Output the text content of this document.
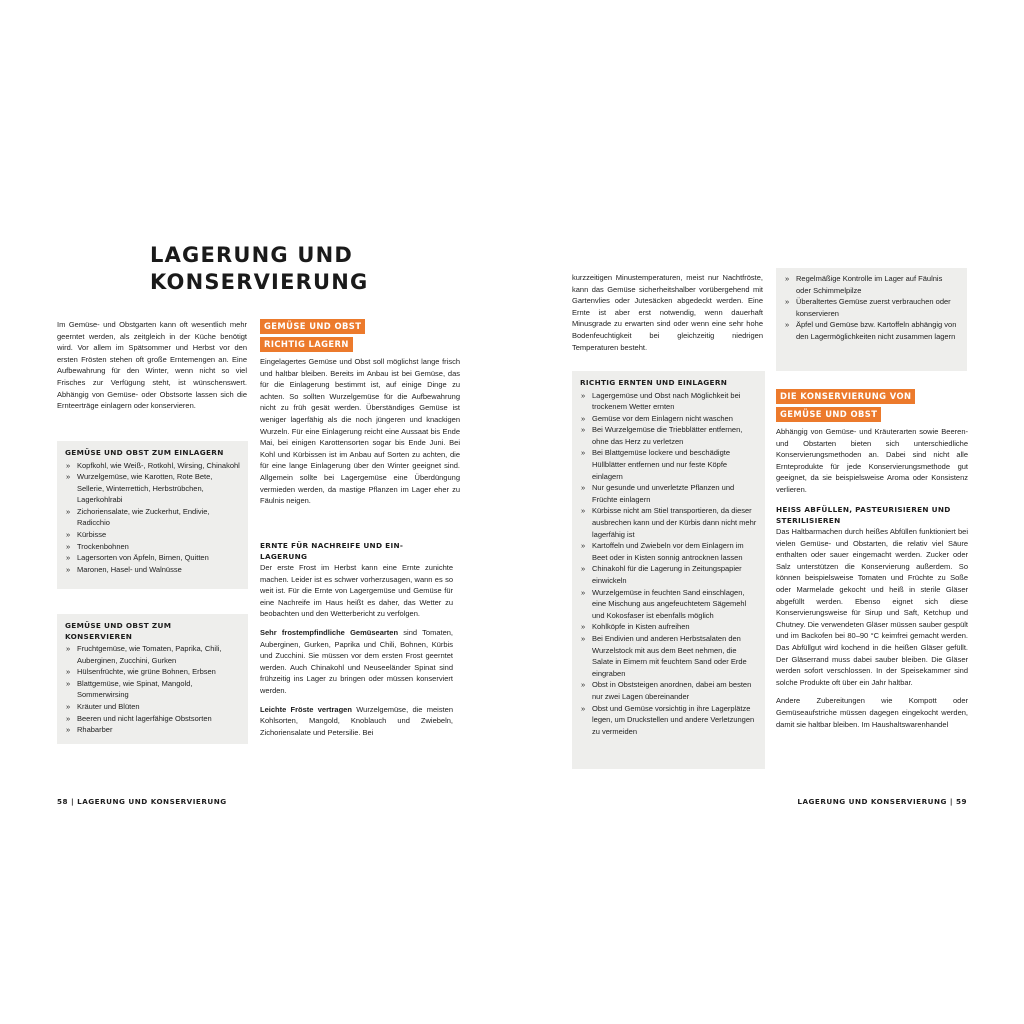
LAGERUNG UND
KONSERVIERUNG

Im Gemüse- und Obstgarten kann oft wesentlich mehr geerntet werden, als zeitgleich in der Küche benötigt wird. Vor allem im Spätsommer und Herbst vor den ersten Frösten stehen oft große Erntemengen an. Eine Aufbewahrung für den Winter, wenn nicht so viel Frisches zur Verfügung steht, ist wünschenswert. Abhängig von Gemüse- oder Obstsorte lassen sich die Ernteerträge einlagern oder konservieren.

GEMÜSE UND OBST ZUM EINLAGERN
» Kopfkohl, wie Weiß-, Rotkohl, Wirsing, Chinakohl
» Wurzelgemüse, wie Karotten, Rote Bete, Sellerie, Winterrettich, Herbstrübchen, Lagerkohlrabi
» Zichoriensalate, wie Zuckerhut, Endivie, Radicchio
» Kürbisse
» Trockenbohnen
» Lagersorten von Äpfeln, Birnen, Quitten
» Maronen, Hasel- und Walnüsse
GEMÜSE UND OBST ZUM
KONSERVIEREN
» Fruchtgemüse, wie Tomaten, Paprika, Chili, Auberginen, Zucchini, Gurken
» Hülsenfrüchte, wie grüne Bohnen, Erbsen
» Blattgemüse, wie Spinat, Mangold, Sommerwirsing
» Kräuter und Blüten
» Beeren und nicht lagerfähige Obstsorten
» Rhabarber
GEMÜSE UND OBST
RICHTIG LAGERN

Eingelagertes Gemüse und Obst soll möglichst lange frisch und haltbar bleiben. Bereits im Anbau ist bei Gemüse, das für die Einlagerung bestimmt ist, auf einige Dinge zu achten. So sollten Wurzelgemüse für die Aufbewahrung nicht zu früh gesät werden. Überständiges Gemüse ist weniger lagerfähig als die noch jüngeren und knackigen Wurzeln. Für eine Einlagerung reicht eine Aussaat bis Ende Mai, bei einigen Karottensorten sogar bis Ende Juni. Bei Kohl und Kürbissen ist im Anbau auf Sorten zu achten, die für eine lange Einlagerung über den Winter geeignet sind. Allgemein sollte bei Lagergemüse eine Überdüngung vermieden werden, da mastige Pflanzen im Lager eher zu Fäulnis neigen.

ERNTE FÜR NACHREIFE UND EIN-
LAGERUNG

Der erste Frost im Herbst kann eine Ernte zunichte machen. Leider ist es schwer vorherzusagen, wann es so weit ist. Für die Ernte von Lagergemüse und Gemüse für eine Nachreife im Haus heißt es daher, das Wetter zu beobachten und den Wetterbericht zu verfolgen.

Sehr frostempfindliche Gemüsearten sind Tomaten, Auberginen, Gurken, Paprika und Chili, Bohnen, Kürbis und Zucchini. Sie müssen vor dem ersten Frost geerntet werden. Auch Chinakohl und Neuseeländer Spinat sind frühzeitig ins Lager zu bringen oder müssen konserviert werden.

Leichte Fröste vertragen Wurzelgemüse, die meisten Kohlsorten, Mangold, Knoblauch und Zwiebeln, Zichoriensalate und Petersilie. Bei

58 | LAGERUNG UND KONSERVIERUNG

kurzzeitigen Minustemperaturen, meist nur Nachtfröste, kann das Gemüse sicherheitshalber vorübergehend mit Gartenvlies oder Jutesäcken abgedeckt werden. Eine Ernte ist aber erst notwendig, wenn dauerhaft Minusgrade zu erwarten sind oder wenn eine sehr hohe Bodenfeuchtigkeit bei gleichzeitig niedrigen Temperaturen besteht.

RICHTIG ERNTEN UND EINLAGERN
» Lagergemüse und Obst nach Möglichkeit bei trockenem Wetter ernten
» Gemüse vor dem Einlagern nicht waschen
» Bei Wurzelgemüse die Triebblätter entfernen, ohne das Herz zu verletzen
» Bei Blattgemüse lockere und beschädigte Hüllblätter entfernen und nur feste Köpfe einlagern
» Nur gesunde und unverletzte Pflanzen und Früchte einlagern
» Kürbisse nicht am Stiel transportieren, da dieser ausbrechen kann und der Kürbis dann nicht mehr lagerfähig ist
» Kartoffeln und Zwiebeln vor dem Einlagern im Beet oder in Kisten sonnig antrocknen lassen
» Chinakohl für die Lagerung in Zeitungspapier einwickeln
» Wurzelgemüse in feuchten Sand einschlagen, eine Mischung aus angefeuchtetem Sägemehl und Kokosfaser ist ebenfalls möglich
» Kohlköpfe in Kisten aufreihen
» Bei Endivien und anderen Herbstsalaten den Wurzelstock mit aus dem Beet nehmen, die Salate in Eimern mit feuchtem Sand oder Erde eingraben
» Obst in Obststeigen anordnen, dabei am besten nur zwei Lagen übereinander
» Obst und Gemüse vorsichtig in ihre Lagerplätze legen, um Druckstellen und andere Verletzungen zu vermeiden
» Regelmäßige Kontrolle im Lager auf Fäulnis oder Schimmelpilze
» Überaltertes Gemüse zuerst verbrauchen oder konservieren
» Äpfel und Gemüse bzw. Kartoffeln abhängig von den Lagermöglichkeiten nicht zusammen lagern
DIE KONSERVIERUNG VON
GEMÜSE UND OBST

Abhängig von Gemüse- und Kräuterarten sowie Beeren- und Obstarten bieten sich unterschiedliche Konservierungsmethoden an. Dabei sind nicht alle Ernteprodukte für jede Konservierungsmethode gut geeignet, da sie beispielsweise Aroma oder Konsistenz verlieren.

HEISS ABFÜLLEN, PASTEURISIEREN UND
STERILISIEREN

Das Haltbarmachen durch heißes Abfüllen funktioniert bei vielen Gemüse- und Obstarten, die relativ viel Säure enthalten oder sauer eingemacht werden. Zucker oder Salz unterstützen die Konservierung außerdem. So können beispielsweise Tomaten und Früchte zu Soße oder Marmelade gekocht und heiß in sterile Gläser abgefüllt werden. Ebenso eignet sich diese Konservierungsweise für Sirup und Saft, Ketchup und Chutney. Die verwendeten Gläser müssen sauber gespült und im Backofen bei 80–90 °C keimfrei gemacht werden. Das Abfüllgut wird kochend in die heißen Gläser gefüllt. Der Gläserrand muss dabei sauber bleiben. Die Gläser werden sofort verschlossen. In der Speisekammer sind solche Produkte oft über ein Jahr haltbar.

Andere Zubereitungen wie Kompott oder Gemüseaufstriche müssen dagegen eingekocht werden, damit sie haltbar bleiben. Im Haushaltswarenhandel

LAGERUNG UND KONSERVIERUNG | 59
